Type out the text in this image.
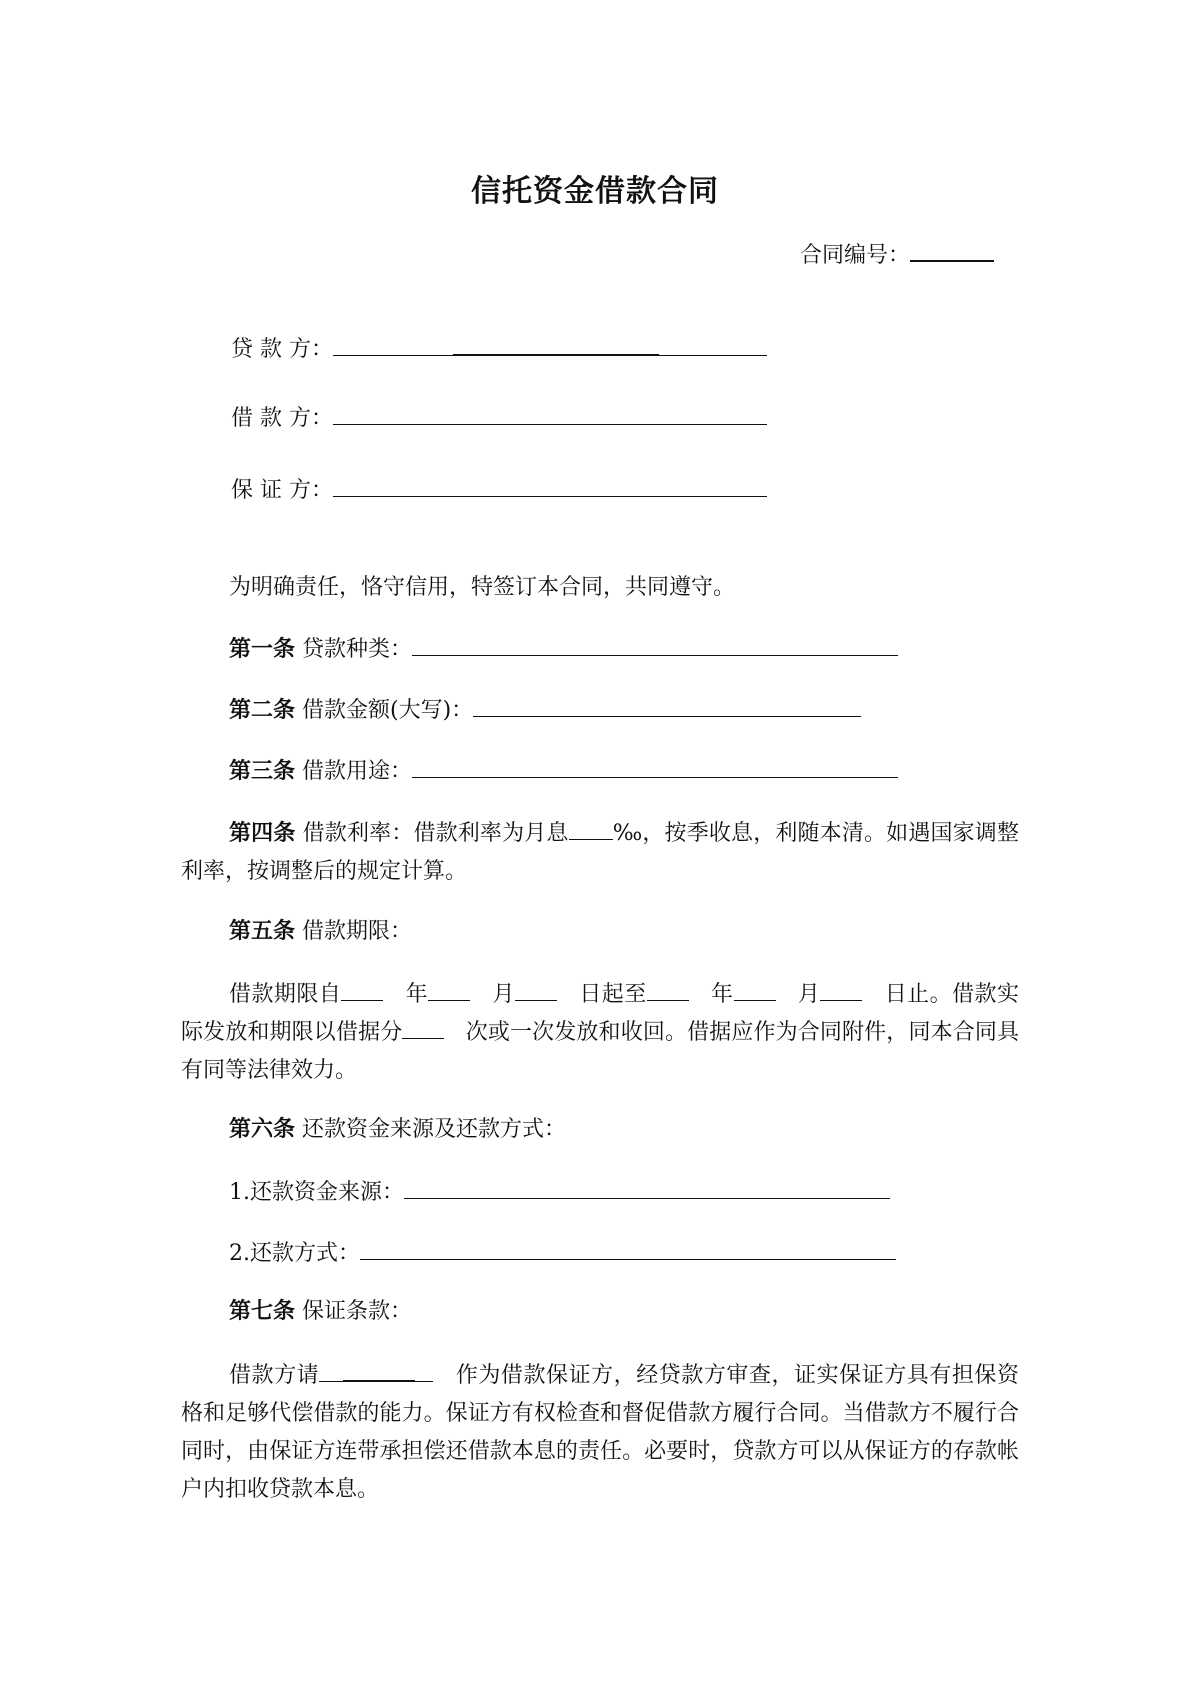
信托资金借款合同
合同编号：
贷 款 方：
借 款 方：
保 证 方：
为明确责任，恪守信用，特签订本合同，共同遵守。
第一条 贷款种类：
第二条 借款金额(大写)：
第三条 借款用途：
第四条 借款利率：借款利率为月息 ‰，按季收息，利随本清。如遇国家调整利率，按调整后的规定计算。
第五条 借款期限：
借款期限自	年	月	日起至	年	月	日止。借款实际发放和期限以借据分	次或一次发放和收回。借据应作为合同附件，同本合同具有同等法律效力。
第六条 还款资金来源及还款方式：
1.还款资金来源：
2.还款方式：
第七条 保证条款：
借款方请	作为借款保证方，经贷款方审查，证实保证方具有担保资格和足够代偿借款的能力。保证方有权检查和督促借款方履行合同。当借款方不履行合同时，由保证方连带承担偿还借款本息的责任。必要时，贷款方可以从保证方的存款帐户内扣收贷款本息。
